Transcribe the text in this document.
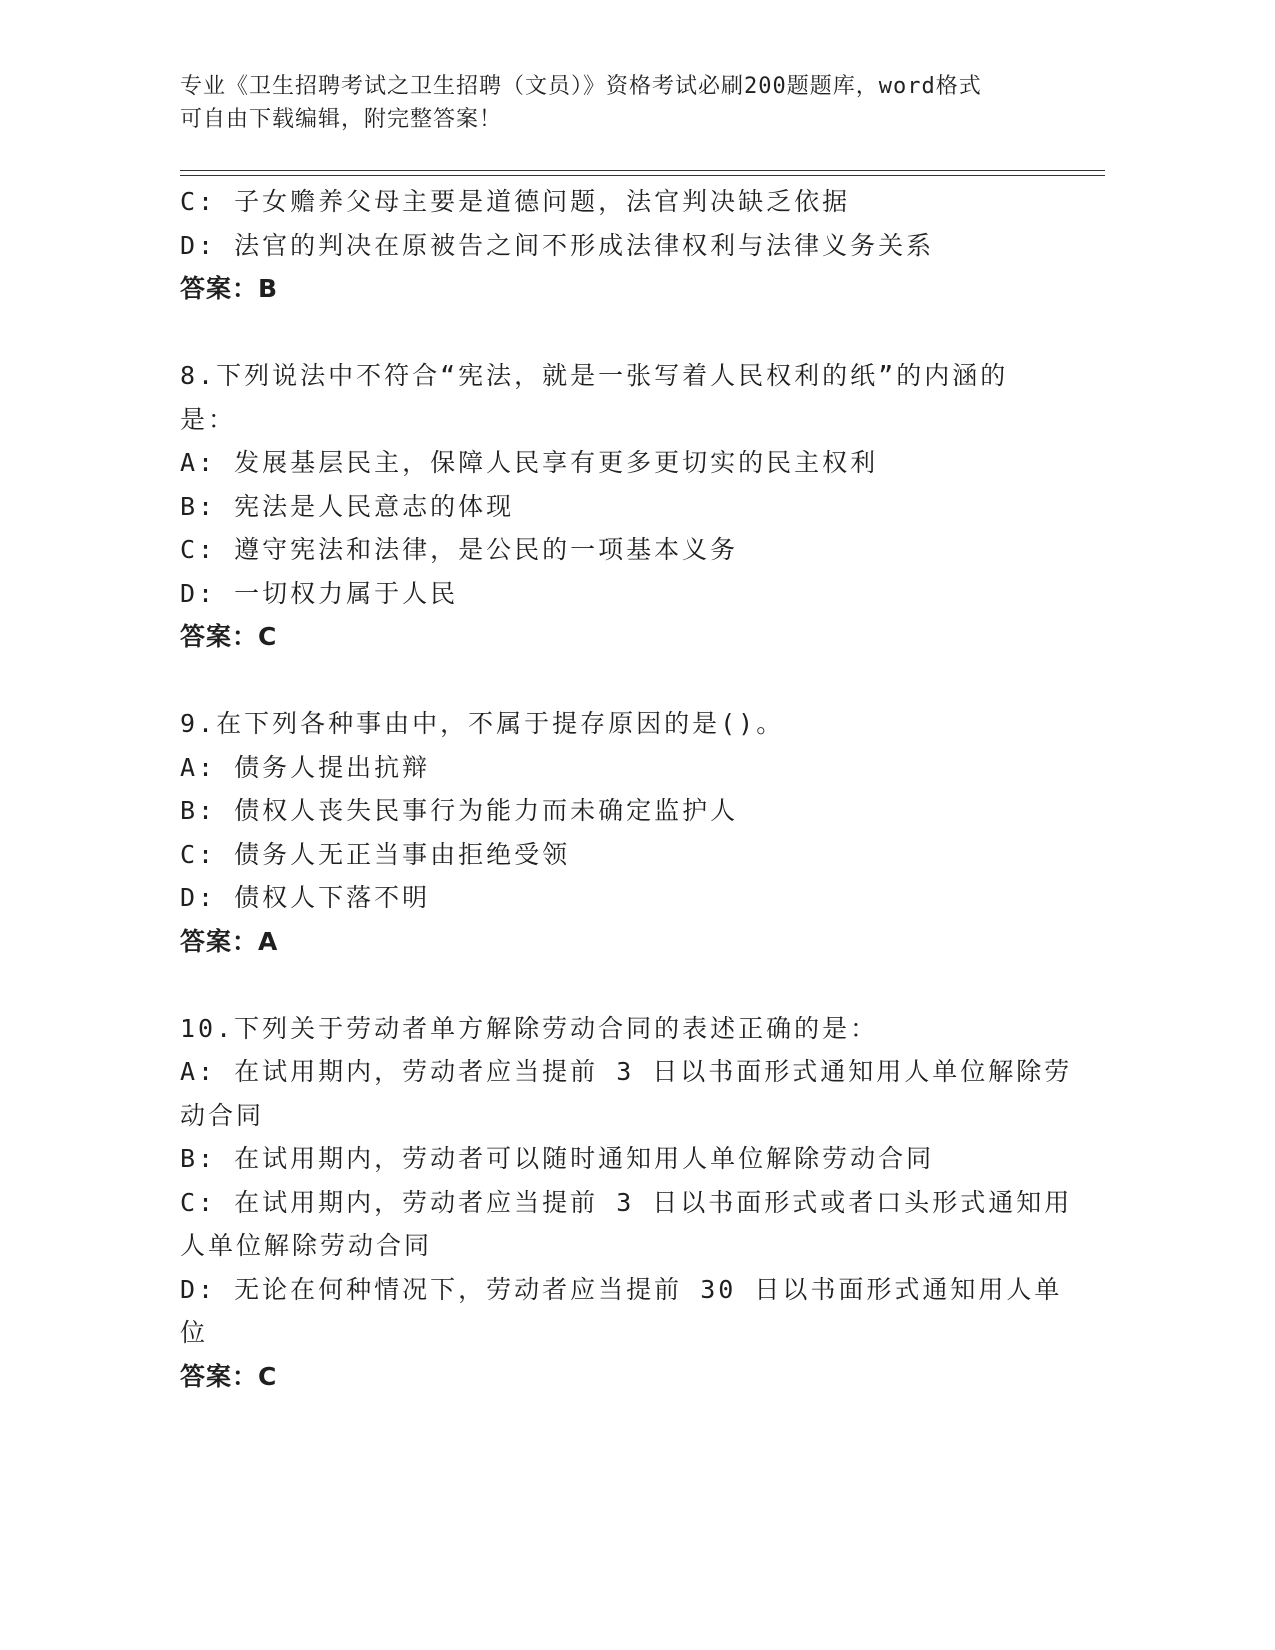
专业《卫生招聘考试之卫生招聘（文员）》资格考试必刷200题题库，word格式
可自由下载编辑，附完整答案！
C: 子女赡养父母主要是道德问题，法官判决缺乏依据
D: 法官的判决在原被告之间不形成法律权利与法律义务关系
答案：B
8.下列说法中不符合“宪法，就是一张写着人民权利的纸”的内涵的
是：
A: 发展基层民主，保障人民享有更多更切实的民主权利
B: 宪法是人民意志的体现
C: 遵守宪法和法律，是公民的一项基本义务
D: 一切权力属于人民
答案：C
9.在下列各种事由中，不属于提存原因的是()。
A: 债务人提出抗辩
B: 债权人丧失民事行为能力而未确定监护人
C: 债务人无正当事由拒绝受领
D: 债权人下落不明
答案：A
10.下列关于劳动者单方解除劳动合同的表述正确的是：
A: 在试用期内，劳动者应当提前 3 日以书面形式通知用人单位解除劳
动合同
B: 在试用期内，劳动者可以随时通知用人单位解除劳动合同
C: 在试用期内，劳动者应当提前 3 日以书面形式或者口头形式通知用
人单位解除劳动合同
D: 无论在何种情况下，劳动者应当提前 30 日以书面形式通知用人单
位
答案：C
